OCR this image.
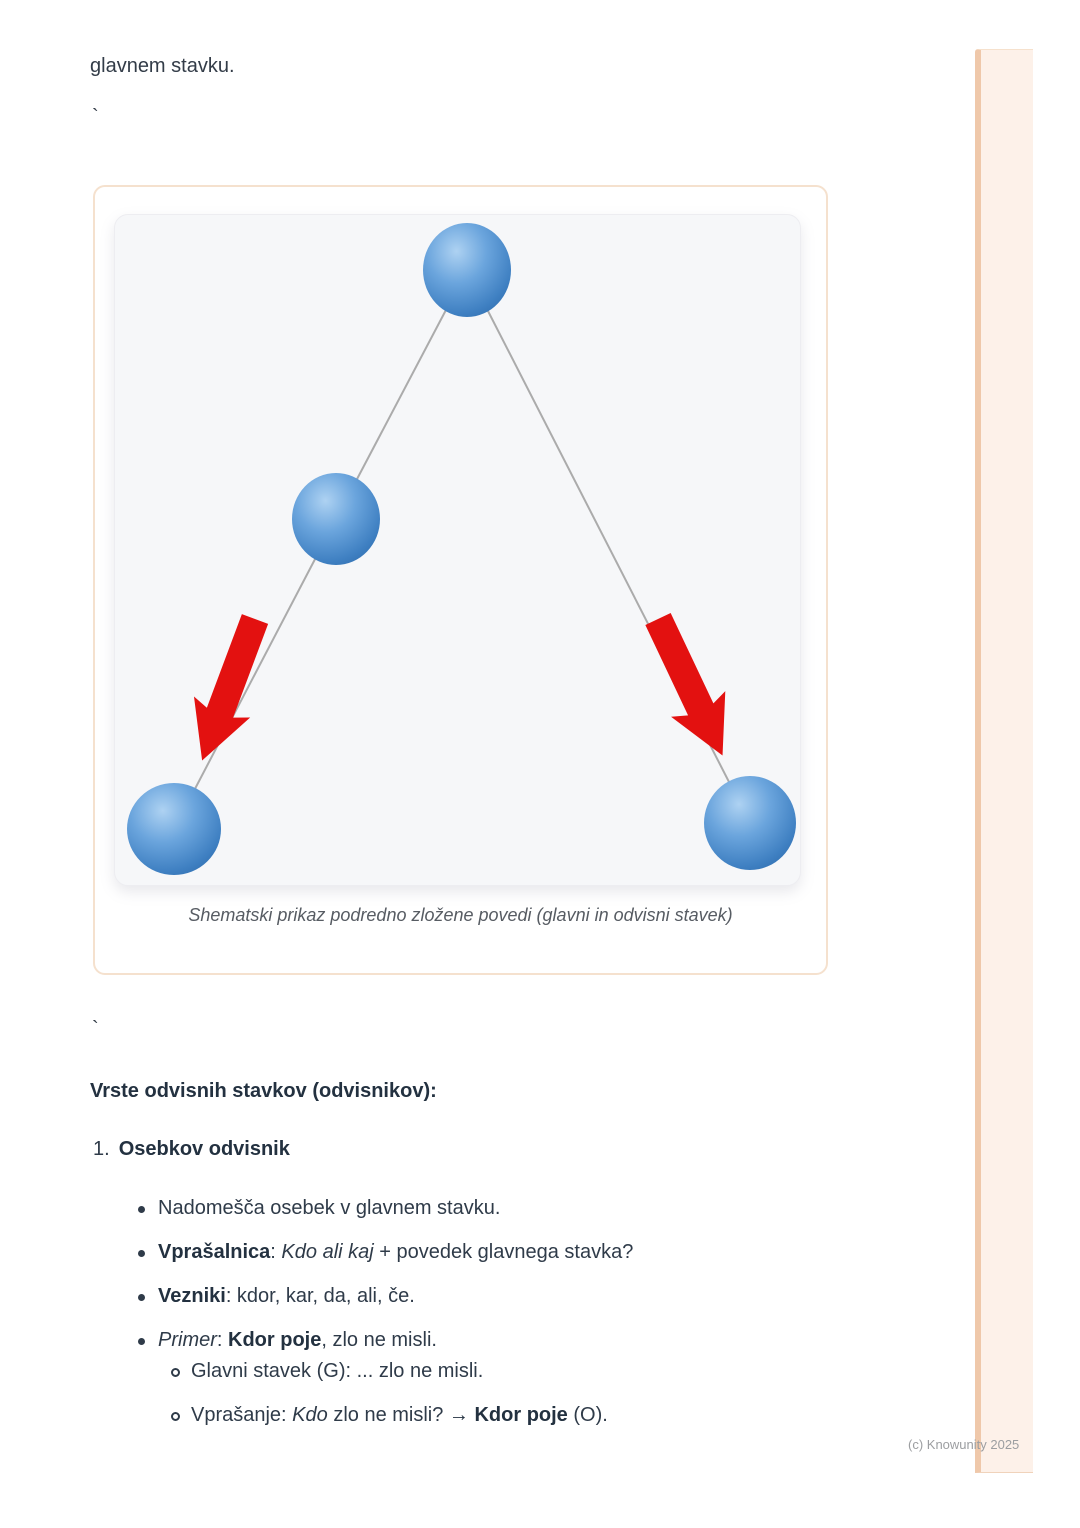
glavnem stavku.
`
Shematski prikaz podredno zložene povedi (glavni in odvisni stavek)
`
Vrste odvisnih stavkov (odvisnikov):
1. Osebkov odvisnik
Nadomešča osebek v glavnem stavku.
Vprašalnica: Kdo ali kaj + povedek glavnega stavka?
Vezniki: kdor, kar, da, ali, če.
Primer: Kdor poje, zlo ne misli.
Glavni stavek (G): ... zlo ne misli.
Vprašanje: Kdo zlo ne misli? → Kdor poje (O).
(c) Knowunity 2025
